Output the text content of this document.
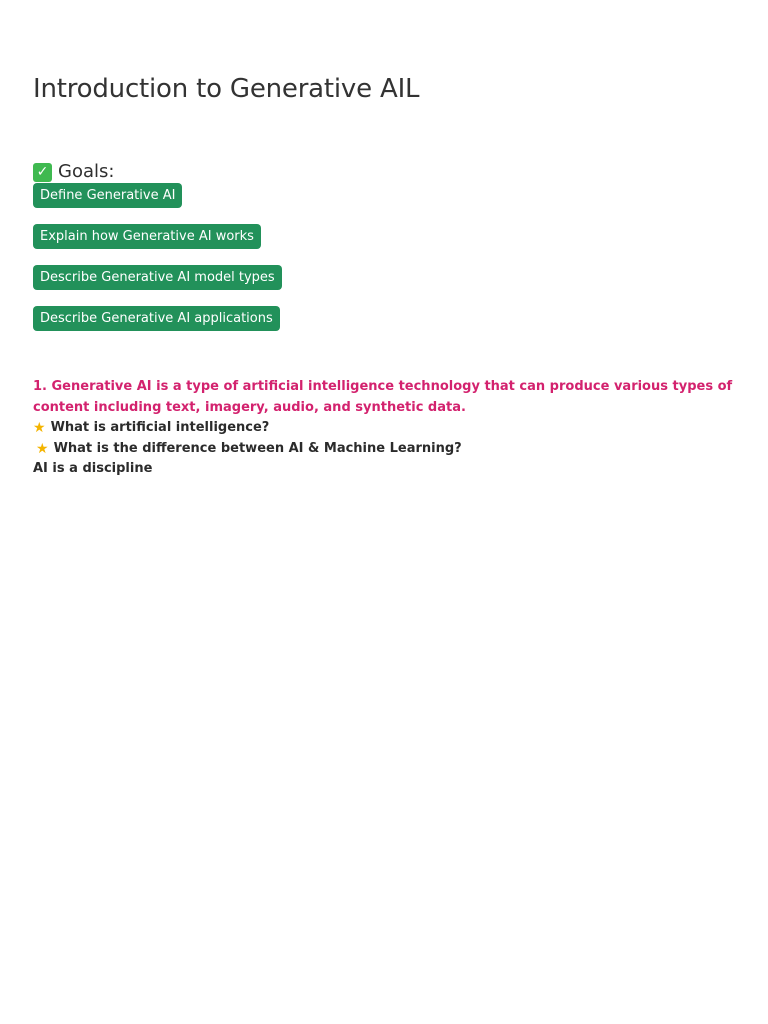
Introduction to Generative AIL
✓ Goals:
Define Generative AI
Explain how Generative AI works
Describe Generative AI model types
Describe Generative AI applications

1. Generative AI is a type of artificial intelligence technology that can produce various types of content including text, imagery, audio, and synthetic data.

★ What is artificial intelligence?

★ What is the difference between AI & Machine Learning?

AI is a discipline
